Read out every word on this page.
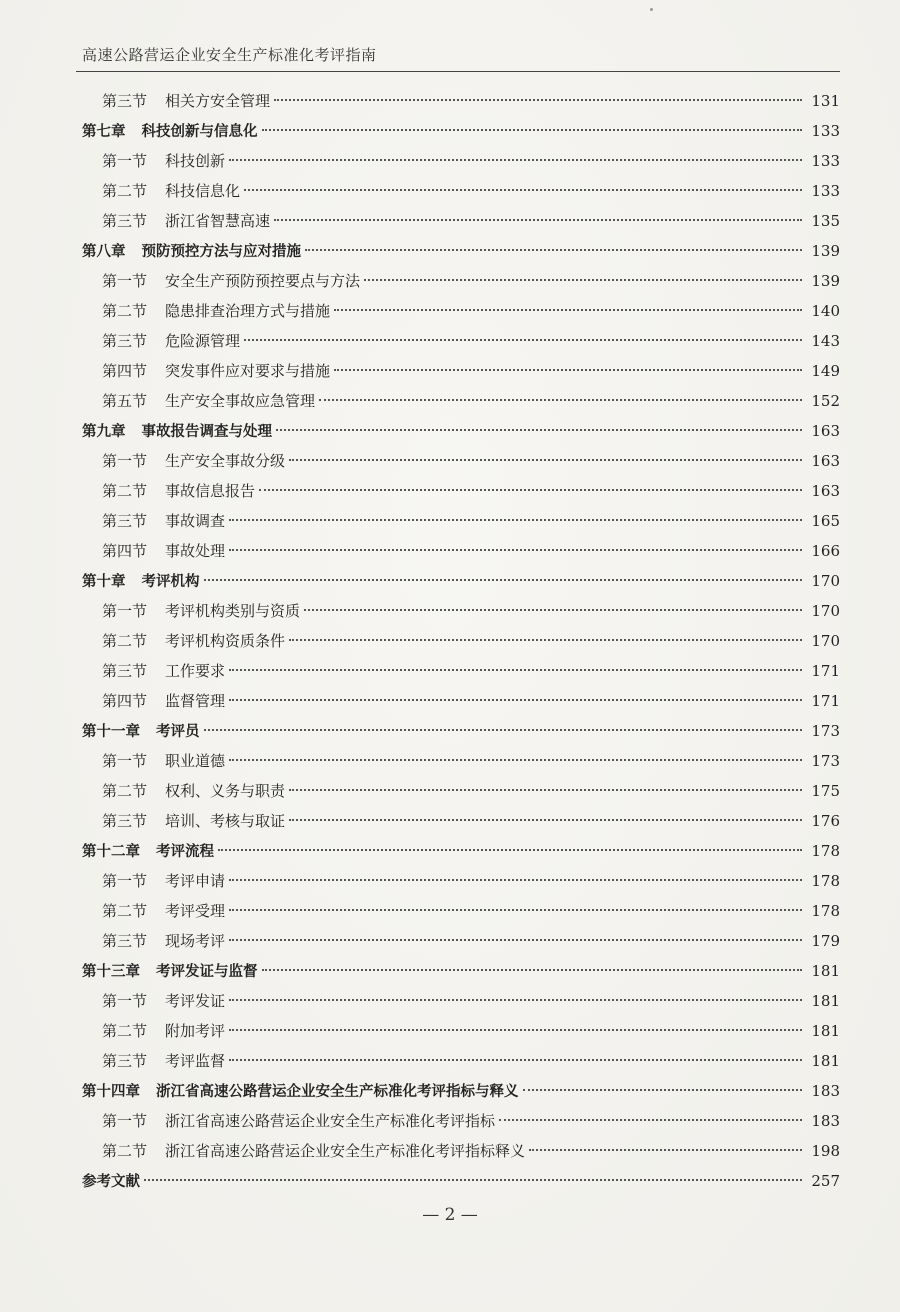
高速公路营运企业安全生产标准化考评指南
第三节 相关方安全管理	131
第七章 科技创新与信息化	133
第一节 科技创新	133
第二节 科技信息化	133
第三节 浙江省智慧高速	135
第八章 预防预控方法与应对措施	139
第一节 安全生产预防预控要点与方法	139
第二节 隐患排查治理方式与措施	140
第三节 危险源管理	143
第四节 突发事件应对要求与措施	149
第五节 生产安全事故应急管理	152
第九章 事故报告调查与处理	163
第一节 生产安全事故分级	163
第二节 事故信息报告	163
第三节 事故调查	165
第四节 事故处理	166
第十章 考评机构	170
第一节 考评机构类别与资质	170
第二节 考评机构资质条件	170
第三节 工作要求	171
第四节 监督管理	171
第十一章 考评员	173
第一节 职业道德	173
第二节 权利、义务与职责	175
第三节 培训、考核与取证	176
第十二章 考评流程	178
第一节 考评申请	178
第二节 考评受理	178
第三节 现场考评	179
第十三章 考评发证与监督	181
第一节 考评发证	181
第二节 附加考评	181
第三节 考评监督	181
第十四章 浙江省高速公路营运企业安全生产标准化考评指标与释义	183
第一节 浙江省高速公路营运企业安全生产标准化考评指标	183
第二节 浙江省高速公路营运企业安全生产标准化考评指标释义	198
参考文献	257
— 2 —
